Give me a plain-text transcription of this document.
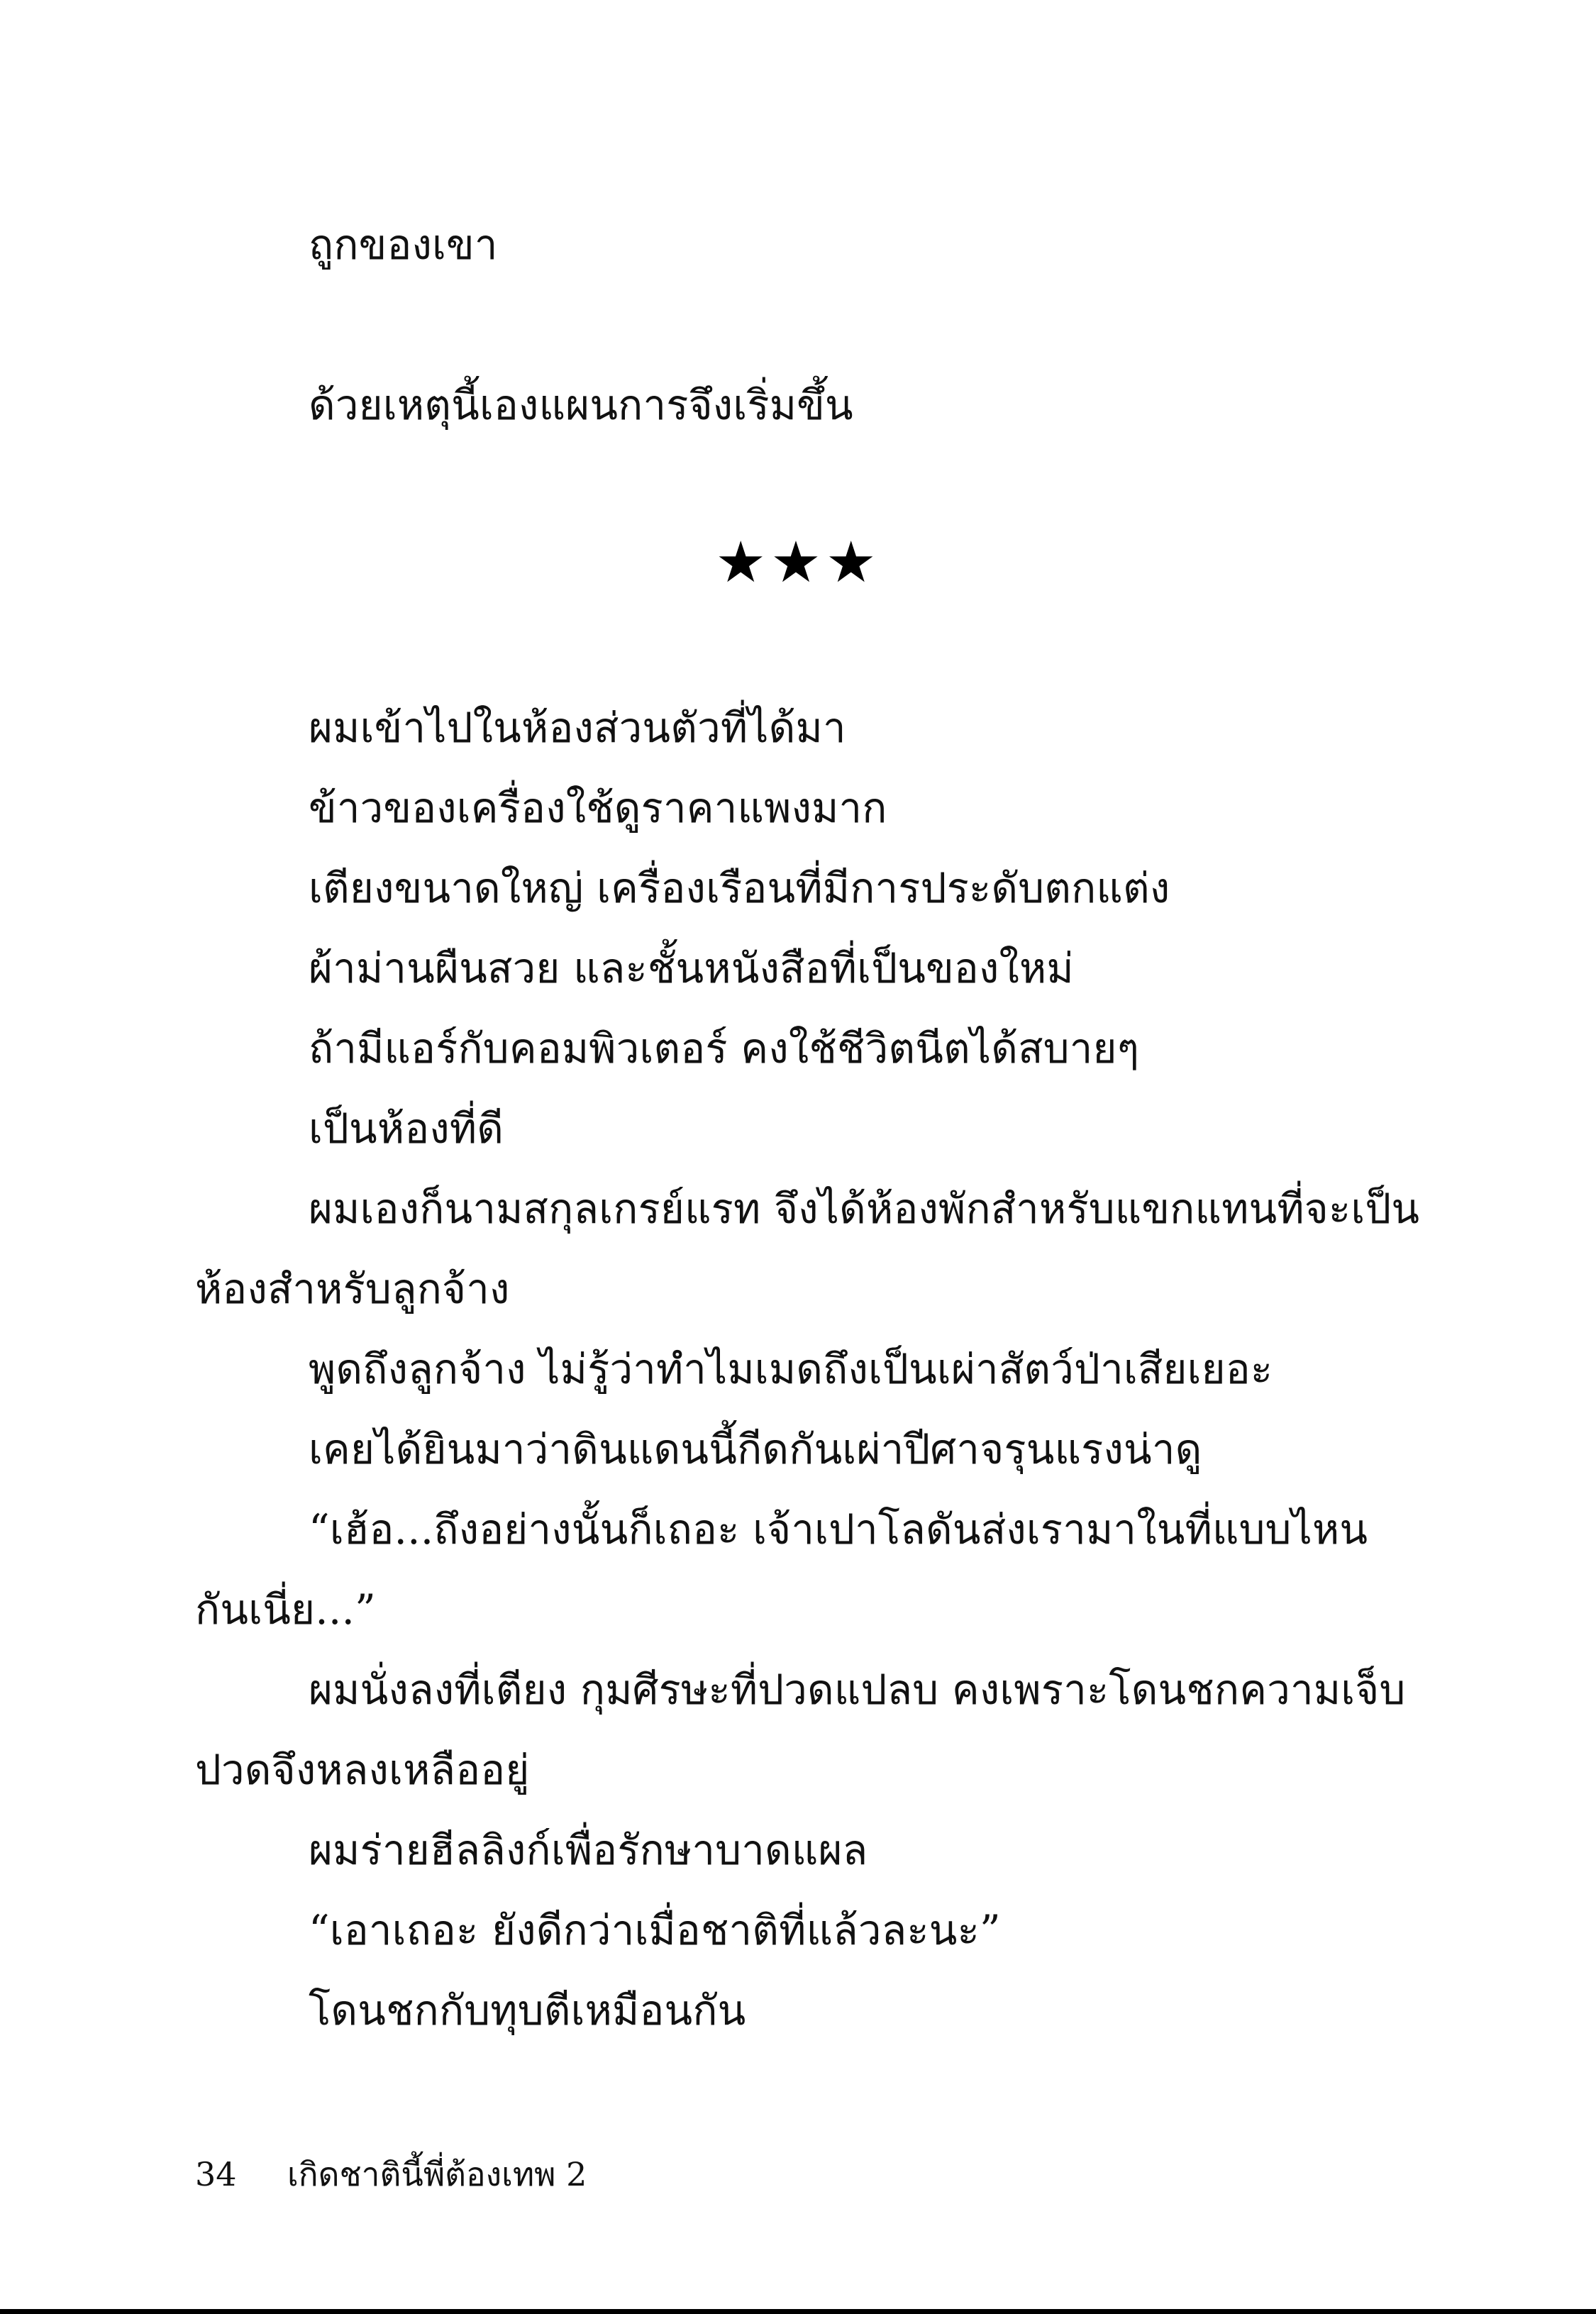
ถูกของเขา
ด้วยเหตุนี้เองแผนการจึงเริ่มขึ้น
★★★
ผมเข้าไปในห้องส่วนตัวที่ได้มา
ข้าวของเครื่องใช้ดูราคาแพงมาก
เตียงขนาดใหญ่ เครื่องเรือนที่มีการประดับตกแต่ง
ผ้าม่านผืนสวย และชั้นหนังสือที่เป็นของใหม่
ถ้ามีแอร์กับคอมพิวเตอร์ คงใช้ชีวิตนีตได้สบายๆ
เป็นห้องที่ดี
ผมเองก็นามสกุลเกรย์แรท จึงได้ห้องพักสำหรับแขกแทนที่จะเป็น
ห้องสำหรับลูกจ้าง
พูดถึงลูกจ้าง ไม่รู้ว่าทำไมเมดถึงเป็นเผ่าสัตว์ป่าเสียเยอะ
เคยได้ยินมาว่าดินแดนนี้กีดกันเผ่าปีศาจรุนแรงน่าดู
“เฮ้อ...ถึงอย่างนั้นก็เถอะ เจ้าเปาโลดันส่งเรามาในที่แบบไหน
กันเนี่ย...”
ผมนั่งลงที่เตียง กุมศีรษะที่ปวดแปลบ คงเพราะโดนชกความเจ็บ
ปวดจึงหลงเหลืออยู่
ผมร่ายฮีลลิงก์เพื่อรักษาบาดแผล
“เอาเถอะ ยังดีกว่าเมื่อชาติที่แล้วละนะ”
โดนชกกับทุบตีเหมือนกัน
34 เกิดชาตินี้พี่ต้องเทพ 2
